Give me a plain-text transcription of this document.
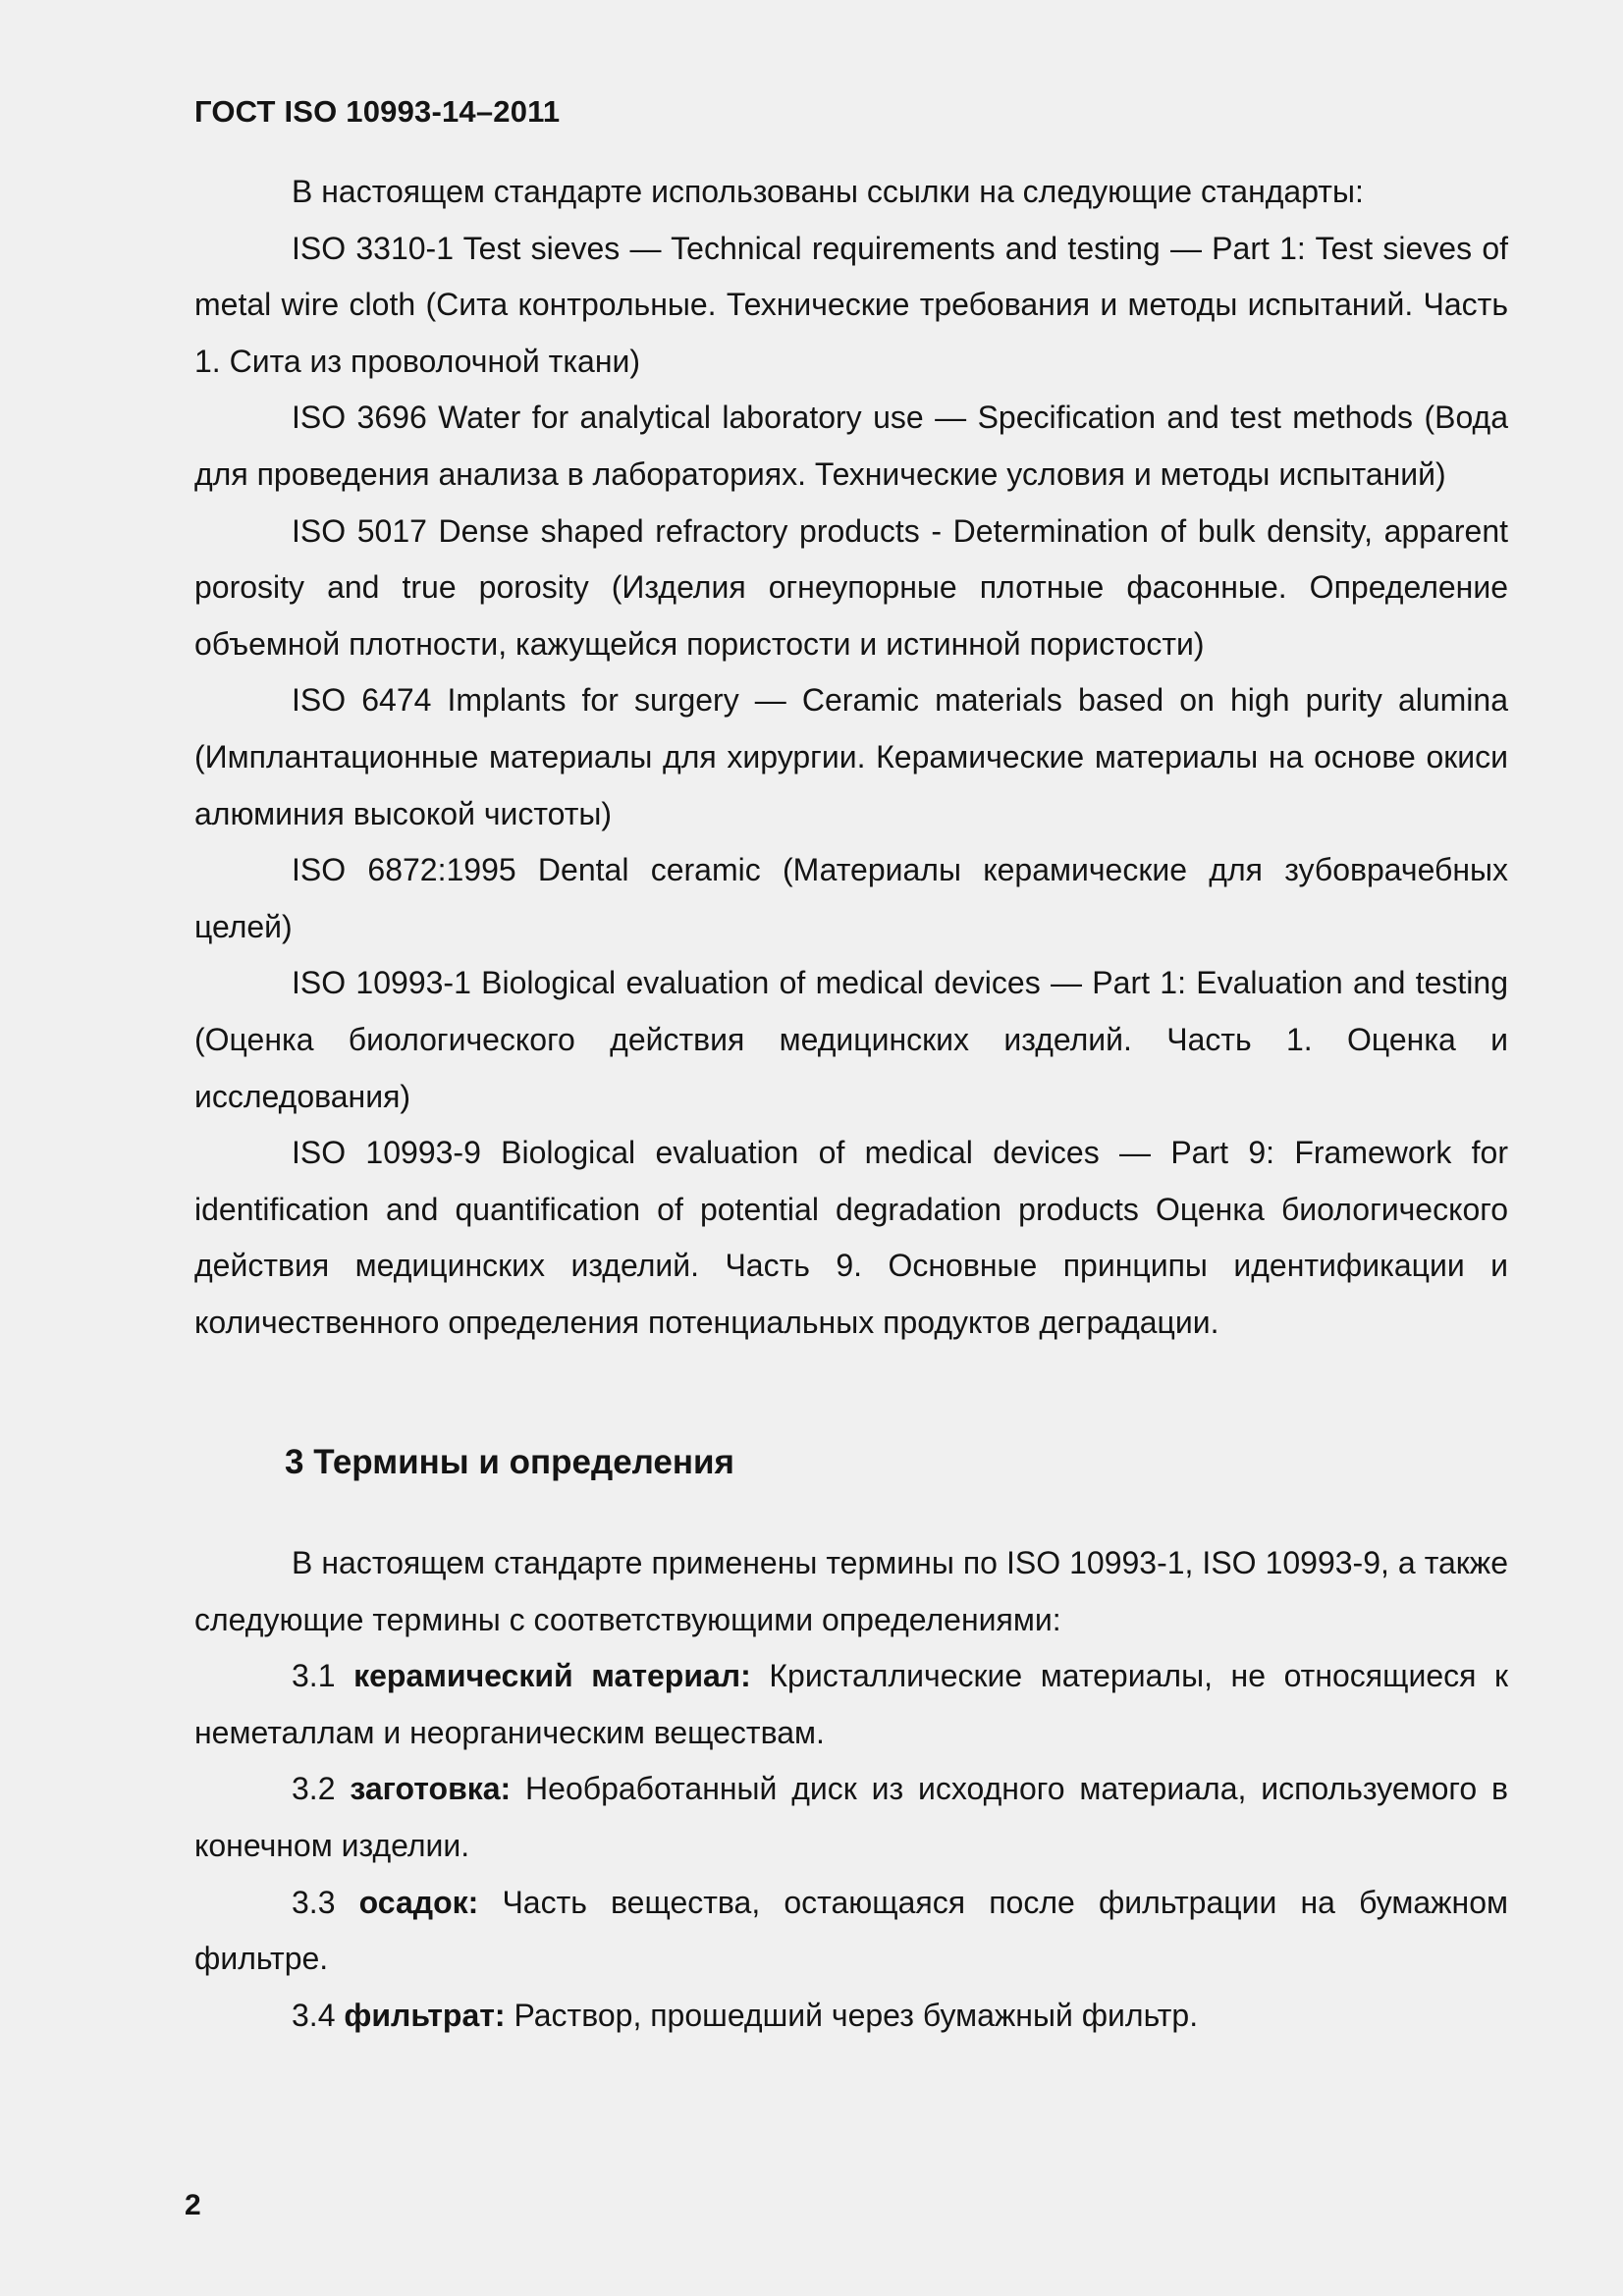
ГОСТ ISO 10993-14–2011

В настоящем стандарте использованы ссылки на следующие стандарты:

ISO 3310-1 Test sieves — Technical requirements and testing — Part 1: Test sieves of metal wire cloth (Сита контрольные. Технические требования и методы испытаний. Часть 1. Сита из проволочной ткани)

ISO 3696 Water for analytical laboratory use — Specification and test methods (Вода для проведения анализа в лабораториях. Технические условия и методы испытаний)

ISO 5017 Dense shaped refractory products - Determination of bulk density, apparent porosity and true porosity (Изделия огнеупорные плотные фасонные. Определение объемной плотности, кажущейся пористости и истинной пористости)

ISO 6474 Implants for surgery — Ceramic materials based on high purity alumina (Имплантационные материалы для хирургии. Керамические материалы на основе окиси алюминия высокой чистоты)

ISO 6872:1995 Dental ceramic (Материалы керамические для зубоврачебных целей)

ISO 10993-1 Biological evaluation of medical devices — Part 1: Evaluation and testing (Оценка биологического действия медицинских изделий. Часть 1. Оценка и исследования)

ISO 10993-9 Biological evaluation of medical devices — Part 9: Framework for identification and quantification of potential degradation products Оценка биологического действия медицинских изделий. Часть 9. Основные принципы идентификации и количественного определения потенциальных продуктов деградации.

3 Термины и определения

В настоящем стандарте применены термины по ISO 10993-1, ISO 10993-9, а также следующие термины с соответствующими определениями:

3.1 керамический материал: Кристаллические материалы, не относящиеся к неметаллам и неорганическим веществам.

3.2 заготовка: Необработанный диск из исходного материала, используемого в конечном изделии.

3.3 осадок: Часть вещества, остающаяся после фильтрации на бумажном фильтре.

3.4 фильтрат: Раствор, прошедший через бумажный фильтр.

2
